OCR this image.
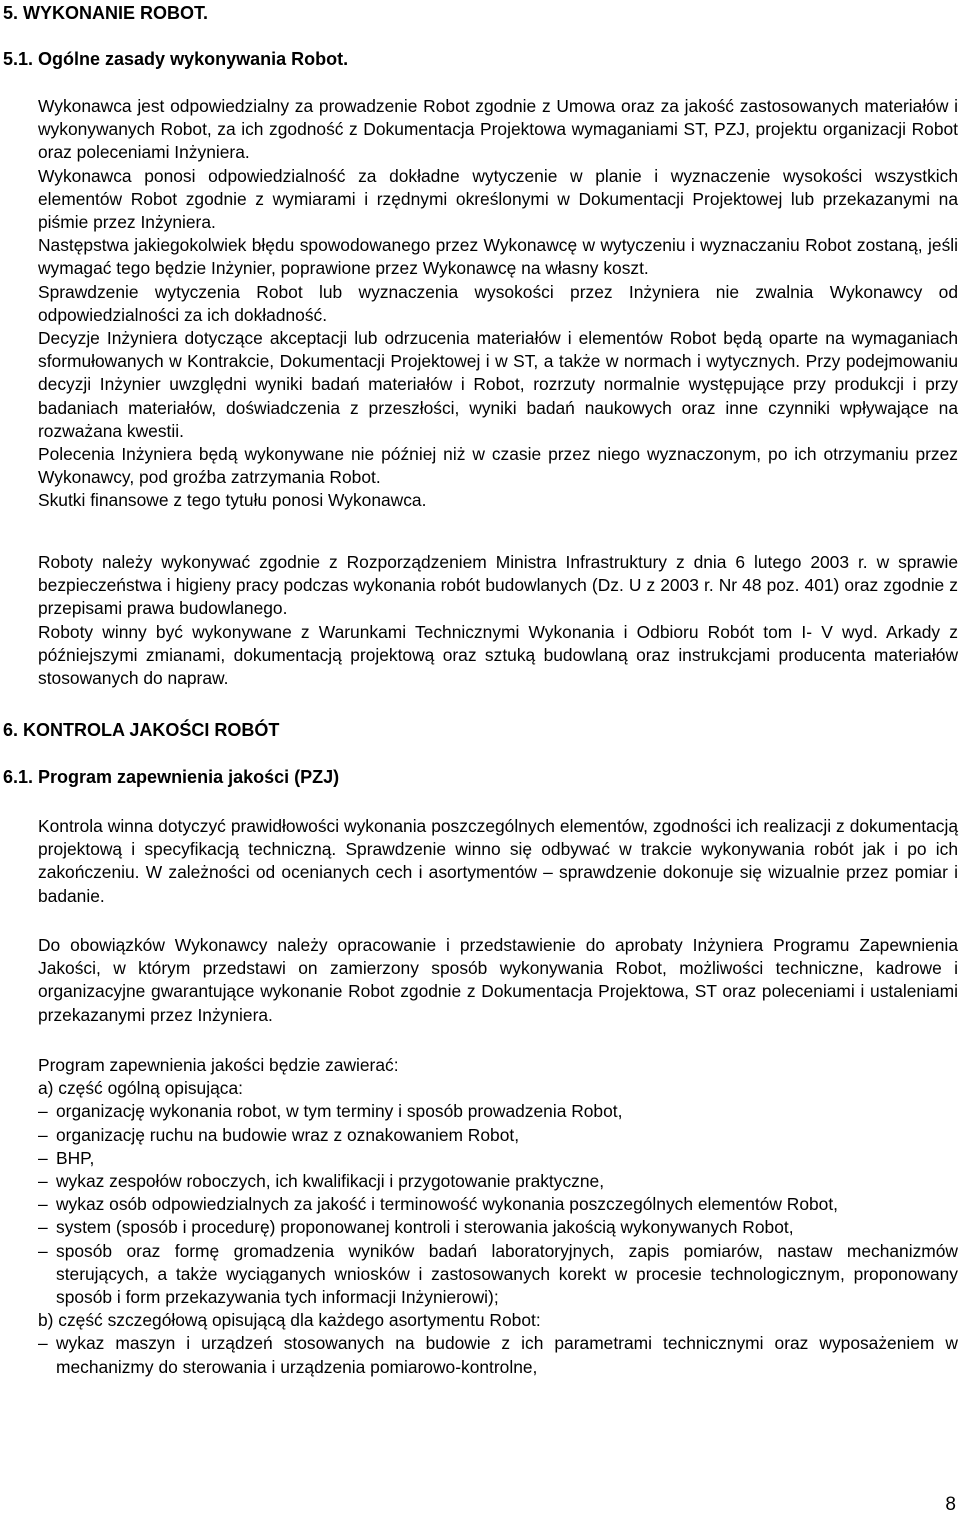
5. WYKONANIE ROBOT.
5.1. Ogólne zasady wykonywania Robot.

Wykonawca jest odpowiedzialny za prowadzenie Robot zgodnie z Umowa oraz za jakość zastosowanych materiałów i wykonywanych Robot, za ich zgodność z Dokumentacja Projektowa wymaganiami ST, PZJ, projektu organizacji Robot oraz poleceniami Inżyniera.

Wykonawca ponosi odpowiedzialność za dokładne wytyczenie w planie i wyznaczenie wysokości wszystkich elementów Robot zgodnie z wymiarami i rzędnymi określonymi w Dokumentacji Projektowej lub przekazanymi na piśmie przez Inżyniera.

Następstwa jakiegokolwiek błędu spowodowanego przez Wykonawcę w wytyczeniu i wyznaczaniu Robot zostaną, jeśli wymagać tego będzie Inżynier, poprawione przez Wykonawcę na własny koszt.

Sprawdzenie wytyczenia Robot lub wyznaczenia wysokości przez Inżyniera nie zwalnia Wykonawcy od odpowiedzialności za ich dokładność.

Decyzje Inżyniera dotyczące akceptacji lub odrzucenia materiałów i elementów Robot będą oparte na wymaganiach sformułowanych w Kontrakcie, Dokumentacji Projektowej i w ST, a także w normach i wytycznych. Przy podejmowaniu decyzji Inżynier uwzględni wyniki badań materiałów i Robot, rozrzuty normalnie występujące przy produkcji i przy badaniach materiałów, doświadczenia z przeszłości, wyniki badań naukowych oraz inne czynniki wpływające na rozważana kwestii.

Polecenia Inżyniera będą wykonywane nie później niż w czasie przez niego wyznaczonym, po ich otrzymaniu przez Wykonawcy, pod groźba zatrzymania Robot.

Skutki finansowe z tego tytułu ponosi Wykonawca.

Roboty należy wykonywać zgodnie z Rozporządzeniem Ministra Infrastruktury z dnia 6 lutego 2003 r. w sprawie bezpieczeństwa i higieny pracy podczas wykonania robót budowlanych (Dz. U z 2003 r. Nr 48 poz. 401) oraz zgodnie z przepisami prawa budowlanego.

Roboty winny być wykonywane z Warunkami Technicznymi Wykonania i Odbioru Robót tom I- V wyd. Arkady z późniejszymi zmianami, dokumentacją projektową oraz sztuką budowlaną oraz instrukcjami producenta materiałów stosowanych do napraw.

6. KONTROLA JAKOŚCI ROBÓT
6.1. Program zapewnienia jakości (PZJ)

Kontrola winna dotyczyć prawidłowości wykonania poszczególnych elementów, zgodności ich realizacji z dokumentacją projektową i specyfikacją techniczną. Sprawdzenie winno się odbywać w trakcie wykonywania robót jak i po ich zakończeniu. W zależności od ocenianych cech i asortymentów – sprawdzenie dokonuje się wizualnie przez pomiar i badanie.

Do obowiązków Wykonawcy należy opracowanie i przedstawienie do aprobaty Inżyniera Programu Zapewnienia Jakości, w którym przedstawi on zamierzony sposób wykonywania Robot, możliwości techniczne, kadrowe i organizacyjne gwarantujące wykonanie Robot zgodnie z Dokumentacja Projektowa, ST oraz poleceniami i ustaleniami przekazanymi przez Inżyniera.

Program zapewnienia jakości będzie zawierać:

a) część ogólną opisująca:

– organizację wykonania robot, w tym terminy i sposób prowadzenia Robot,
– organizację ruchu na budowie wraz z oznakowaniem Robot,
– BHP,
– wykaz zespołów roboczych, ich kwalifikacji i przygotowanie praktyczne,
– wykaz osób odpowiedzialnych za jakość i terminowość wykonania poszczególnych elementów Robot,
– system (sposób i procedurę) proponowanej kontroli i sterowania jakością wykonywanych Robot,
– sposób oraz formę gromadzenia wyników badań laboratoryjnych, zapis pomiarów, nastaw mechanizmów sterujących, a także wyciąganych wniosków i zastosowanych korekt w procesie technologicznym, proponowany sposób i form przekazywania tych informacji Inżynierowi);

b) część szczegółową opisującą dla każdego asortymentu Robot:

– wykaz maszyn i urządzeń stosowanych na budowie z ich parametrami technicznymi oraz wyposażeniem w mechanizmy do sterowania i urządzenia pomiarowo-kontrolne,
8
